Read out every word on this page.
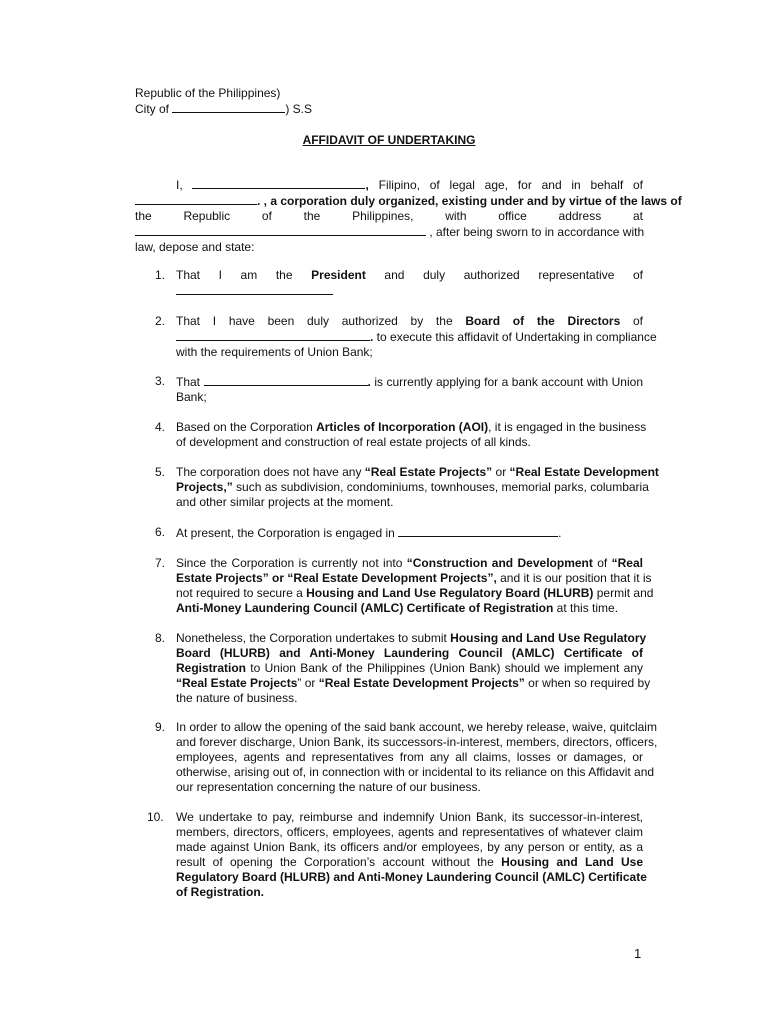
Republic of the Philippines)
City of	) S.S
AFFIDAVIT OF UNDERTAKING
I,	, Filipino, of legal age, for and in behalf of
. , a corporation duly organized, existing under and by virtue of the laws of
the Republic of the Philippines, with office address at
, after being sworn to in accordance with
law, depose and state:
1. That I am the President and duly authorized representative of
2. That I have been duly authorized by the Board of the Directors of
. to execute this affidavit of Undertaking in compliance
with the requirements of Union Bank;
3. That	. is currently applying for a bank account with Union
Bank;
4. Based on the Corporation Articles of Incorporation (AOI), it is engaged in the business
of development and construction of real estate projects of all kinds.
5. The corporation does not have any “Real Estate Projects” or “Real Estate Development
Projects,” such as subdivision, condominiums, townhouses, memorial parks, columbaria
and other similar projects at the moment.
6. At present, the Corporation is engaged in	.
7. Since the Corporation is currently not into “Construction and Development of “Real
Estate Projects” or “Real Estate Development Projects”, and it is our position that it is
not required to secure a Housing and Land Use Regulatory Board (HLURB) permit and
Anti-Money Laundering Council (AMLC) Certificate of Registration at this time.
8. Nonetheless, the Corporation undertakes to submit Housing and Land Use Regulatory
Board (HLURB) and Anti-Money Laundering Council (AMLC) Certificate of
Registration to Union Bank of the Philippines (Union Bank) should we implement any
“Real Estate Projects” or “Real Estate Development Projects” or when so required by
the nature of business.
9. In order to allow the opening of the said bank account, we hereby release, waive, quitclaim
and forever discharge, Union Bank, its successors-in-interest, members, directors, officers,
employees, agents and representatives from any all claims, losses or damages, or
otherwise, arising out of, in connection with or incidental to its reliance on this Affidavit and
our representation concerning the nature of our business.
10. We undertake to pay, reimburse and indemnify Union Bank, its successor-in-interest,
members, directors, officers, employees, agents and representatives of whatever claim
made against Union Bank, its officers and/or employees, by any person or entity, as a
result of opening the Corporation’s account without the Housing and Land Use
Regulatory Board (HLURB) and Anti-Money Laundering Council (AMLC) Certificate
of Registration.
1
